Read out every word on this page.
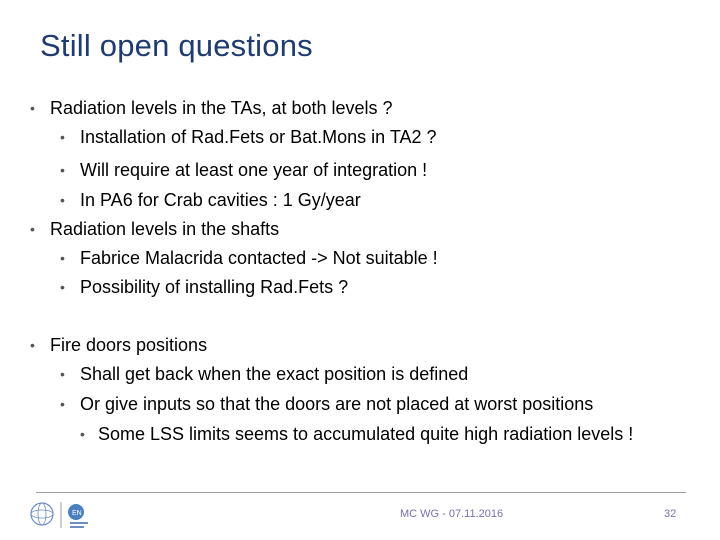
Still open questions
• Radiation levels in the TAs, at both levels ?
• Installation of Rad.Fets or Bat.Mons in TA2 ?
• Will require at least one year of integration !
• In PA6 for Crab cavities : 1 Gy/year
• Radiation levels in the shafts
• Fabrice Malacrida contacted -> Not suitable !
• Possibility of installing Rad.Fets ?
• Fire doors positions
• Shall get back when the exact position is defined
• Or give inputs so that the doors are not placed at worst positions
• Some LSS limits seems to accumulated quite high radiation levels !
EN	MC WG - 07.11.2016	32
